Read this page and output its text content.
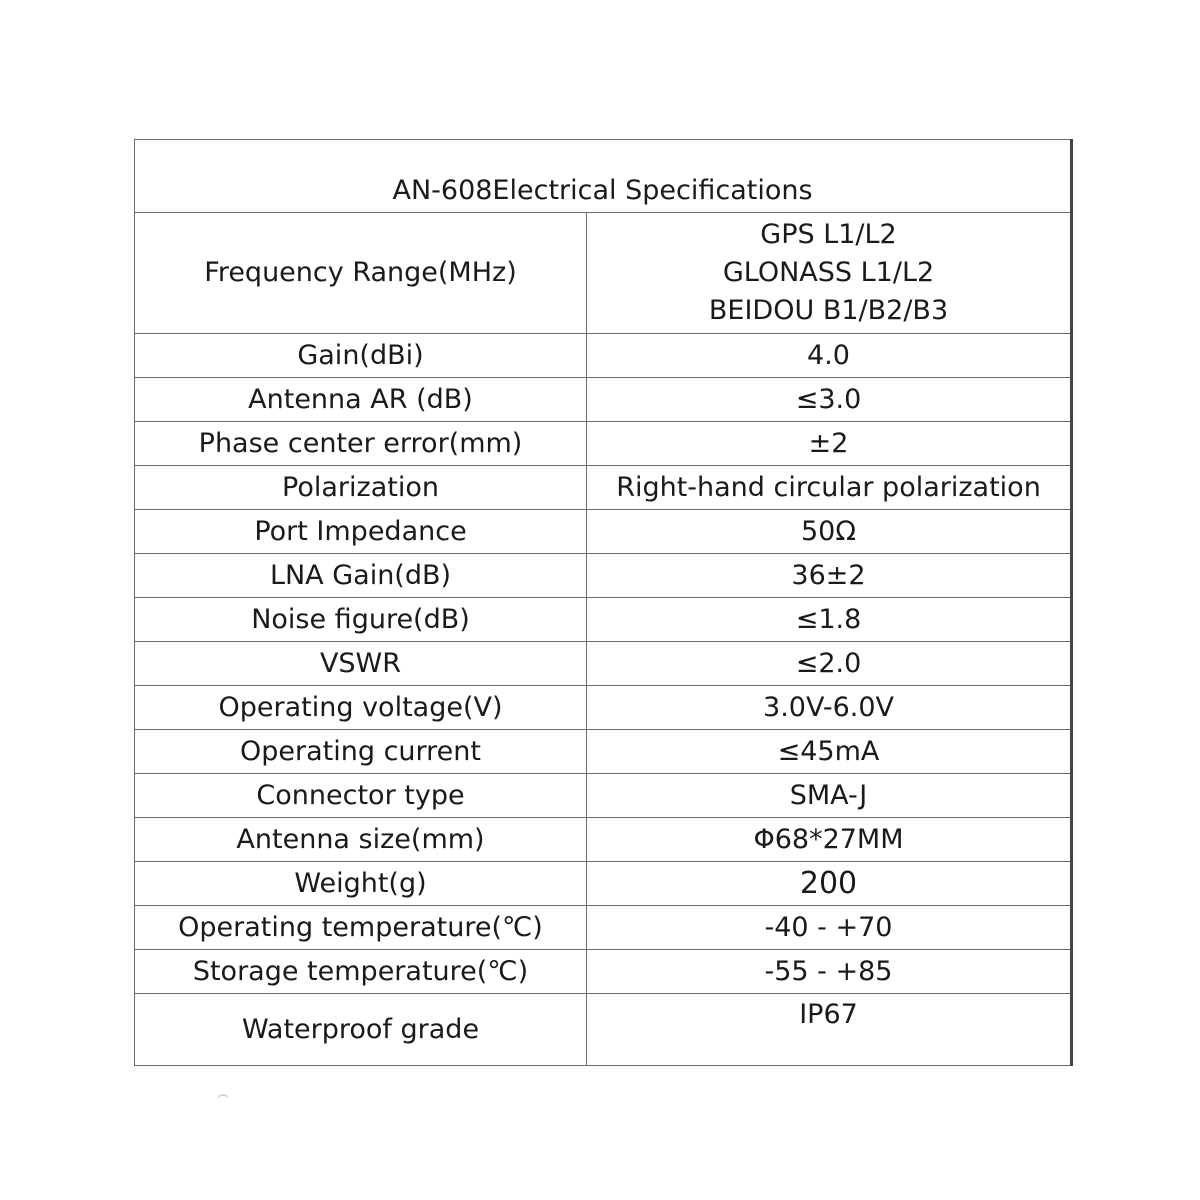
AN-608Electrical Specifications	
Frequency Range(MHz)	GPS L1/L2
GLONASS L1/L2
BEIDOU B1/B2/B3

Gain(dBi)	4.0
Antenna AR (dB)	≤3.0
Phase center error(mm)	±2
Polarization	Right-hand circular polarization
Port Impedance	50Ω
LNA Gain(dB)	36±2
Noise figure(dB)	≤1.8
VSWR	≤2.0
Operating voltage(V)	3.0V-6.0V
Operating current	≤45mA
Connector type	SMA-J
Antenna size(mm)	Φ68*27MM
Weight(g)	200
Operating temperature(℃)	-40 - +70
Storage temperature(℃)	-55 - +85
Waterproof grade	IP67
